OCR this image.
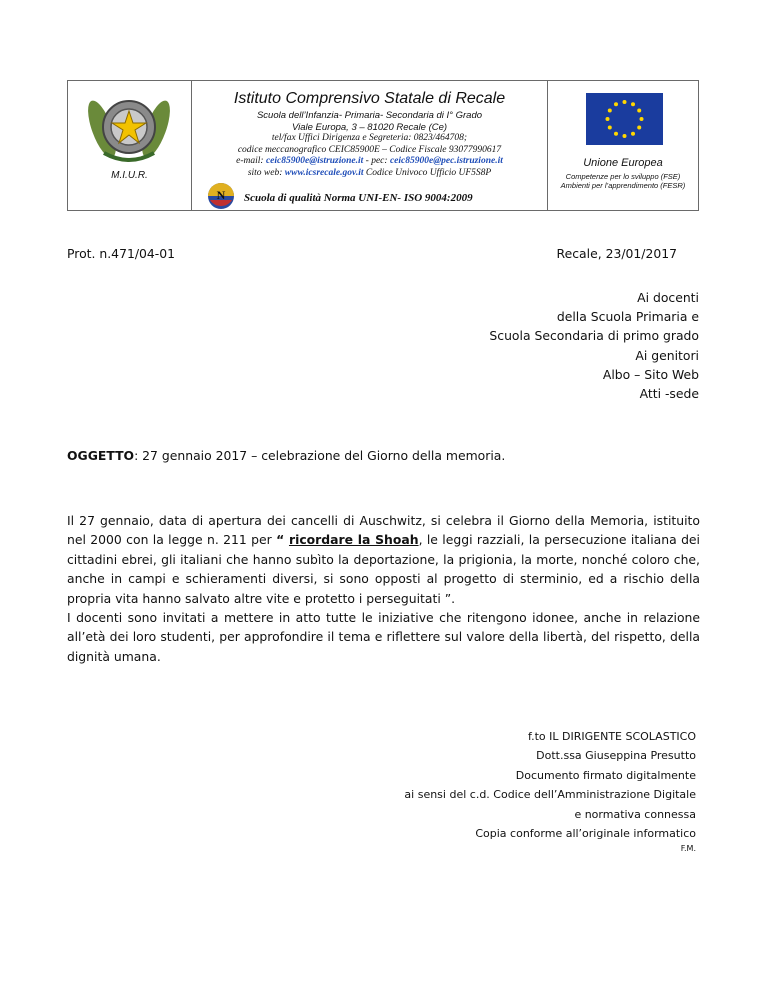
M.I.U.R.
Istituto Comprensivo Statale di Recale
Scuola dell’Infanzia- Primaria- Secondaria di I° Grado
Viale Europa, 3 – 81020 Recale (Ce)
tel/fax Uffici Dirigenza e Segreteria: 0823/464708;
codice meccanografico CEIC85900E – Codice Fiscale 93077990617
e-mail: ceic85900e@istruzione.it - pec: ceic85900e@pec.istruzione.it
sito web: www.icsrecale.gov.it Codice Univoco Ufficio UF5S8P
N Scuola di qualità Norma UNI-EN- ISO 9004:2009
Unione Europea
Competenze per lo sviluppo (FSE)
Ambienti per l’apprendimento (FESR)
Prot. n.471/04-01	Recale, 23/01/2017
Ai docenti
della Scuola Primaria e
Scuola Secondaria di primo grado
Ai genitori
Albo – Sito Web
Atti -sede
OGGETTO: 27 gennaio 2017 – celebrazione del Giorno della memoria.

Il 27 gennaio, data di apertura dei cancelli di Auschwitz, si celebra il Giorno della Memoria, istituito nel 2000 con la legge n. 211 per “ ricordare la Shoah, le leggi razziali, la persecuzione italiana dei cittadini ebrei, gli italiani che hanno subìto la deportazione, la prigionia, la morte, nonché coloro che, anche in campi e schieramenti diversi, si sono opposti al progetto di sterminio, ed a rischio della propria vita hanno salvato altre vite e protetto i perseguitati ”.

I docenti sono invitati a mettere in atto tutte le iniziative che ritengono idonee, anche in relazione all’età dei loro studenti, per approfondire il tema e riflettere sul valore della libertà, del rispetto, della dignità umana.

f.to IL DIRIGENTE SCOLASTICO
Dott.ssa Giuseppina Presutto
Documento firmato digitalmente
ai sensi del c.d. Codice dell’Amministrazione Digitale
e normativa connessa
Copia conforme all’originale informatico
F.M.
